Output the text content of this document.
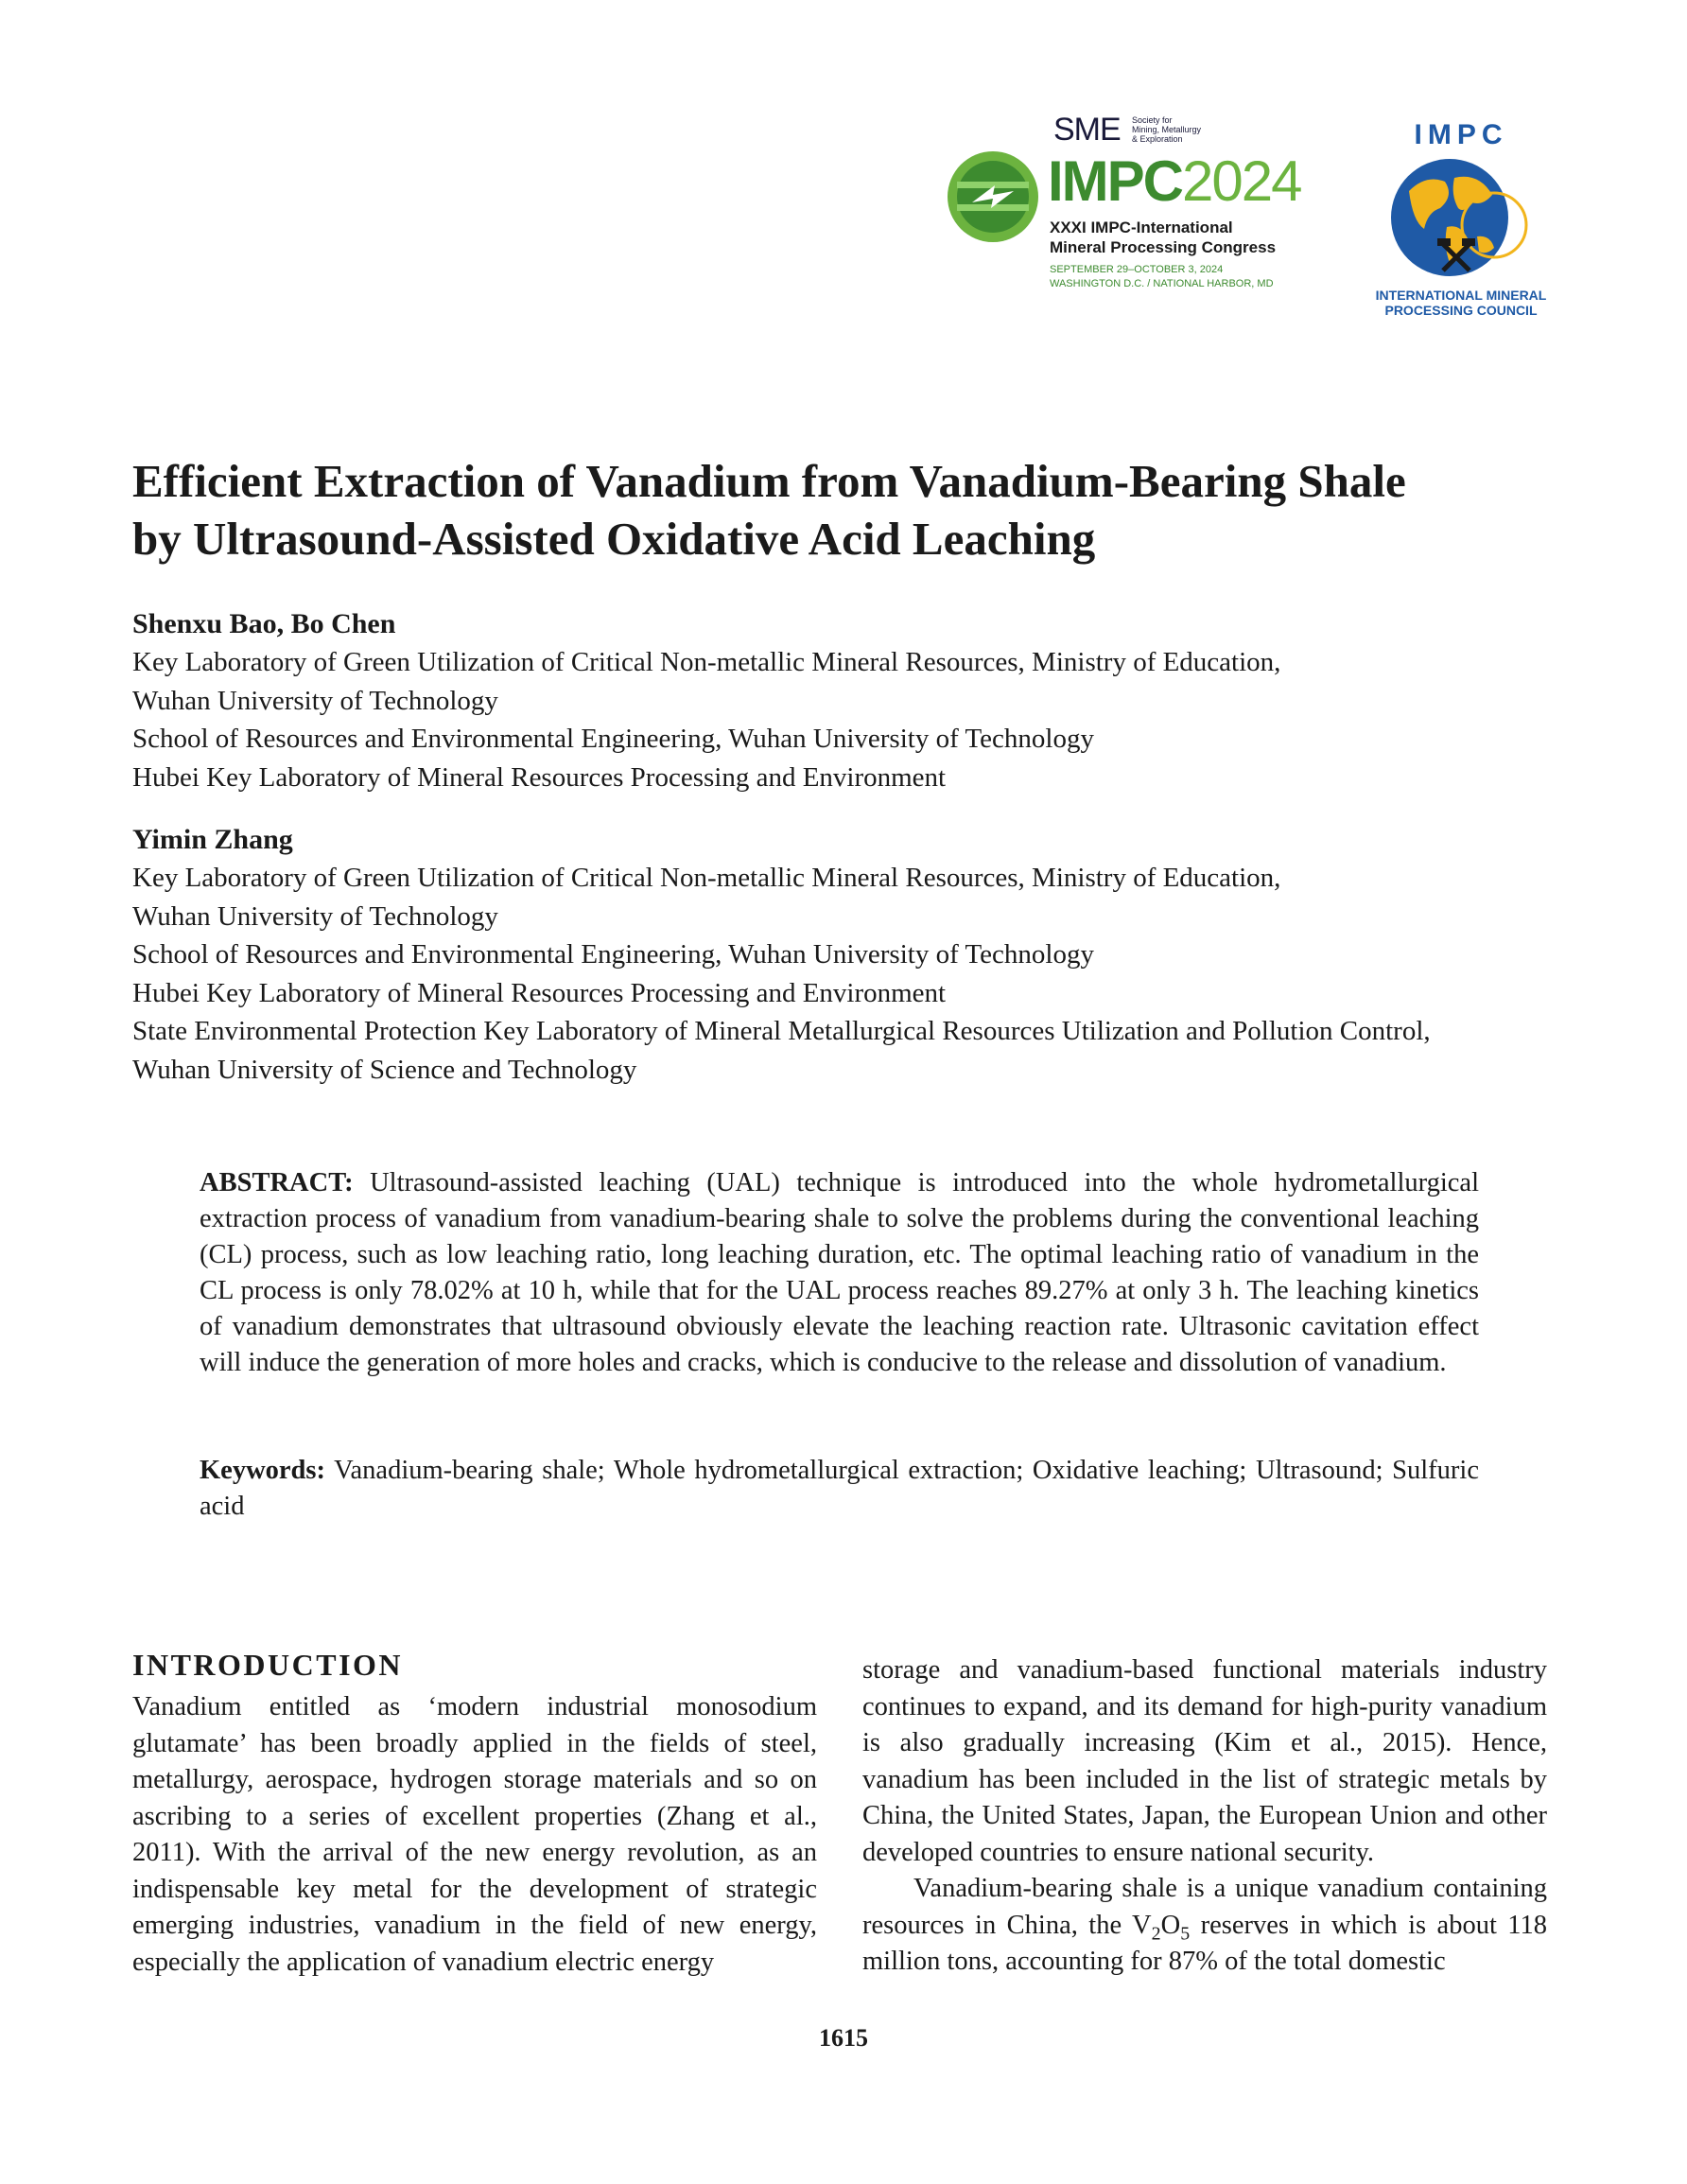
SME Society for
Mining, Metallurgy
& Exploration
IMPC2024
XXXI IMPC-International
Mineral Processing Congress
SEPTEMBER 29–OCTOBER 3, 2024
WASHINGTON D.C. / NATIONAL HARBOR, MD
IMPC
INTERNATIONAL MINERAL
PROCESSING COUNCIL
Efficient Extraction of Vanadium from Vanadium-Bearing Shale
by Ultrasound-Assisted Oxidative Acid Leaching
Shenxu Bao, Bo Chen
Key Laboratory of Green Utilization of Critical Non-metallic Mineral Resources, Ministry of Education,
Wuhan University of Technology
School of Resources and Environmental Engineering, Wuhan University of Technology
Hubei Key Laboratory of Mineral Resources Processing and Environment
Yimin Zhang
Key Laboratory of Green Utilization of Critical Non-metallic Mineral Resources, Ministry of Education,
Wuhan University of Technology
School of Resources and Environmental Engineering, Wuhan University of Technology
Hubei Key Laboratory of Mineral Resources Processing and Environment
State Environmental Protection Key Laboratory of Mineral Metallurgical Resources Utilization and Pollution Control,
Wuhan University of Science and Technology
ABSTRACT: Ultrasound-assisted leaching (UAL) technique is introduced into the whole hydrometallurgical extraction process of vanadium from vanadium-bearing shale to solve the problems during the conventional leaching (CL) process, such as low leaching ratio, long leaching duration, etc. The optimal leaching ratio of vanadium in the CL process is only 78.02% at 10 h, while that for the UAL process reaches 89.27% at only 3 h. The leaching kinetics of vanadium demonstrates that ultrasound obviously elevate the leaching reaction rate. Ultrasonic cavitation effect will induce the generation of more holes and cracks, which is conducive to the release and dissolution of vanadium.
Keywords: Vanadium-bearing shale; Whole hydrometallurgical extraction; Oxidative leaching; Ultrasound; Sulfuric acid
INTRODUCTION
Vanadium entitled as ‘modern industrial monosodium glutamate’ has been broadly applied in the fields of steel, metallurgy, aerospace, hydrogen storage materials and so on ascribing to a series of excellent properties (Zhang et al., 2011). With the arrival of the new energy revolution, as an indispensable key metal for the development of strategic emerging industries, vanadium in the field of new energy, especially the application of vanadium electric energy
storage and vanadium-based functional materials industry continues to expand, and its demand for high-purity vanadium is also gradually increasing (Kim et al., 2015). Hence, vanadium has been included in the list of strategic metals by China, the United States, Japan, the European Union and other developed countries to ensure national security.
Vanadium-bearing shale is a unique vanadium containing resources in China, the $V_2O_5$ reserves in which is about 118 million tons, accounting for 87% of the total domestic
1615
